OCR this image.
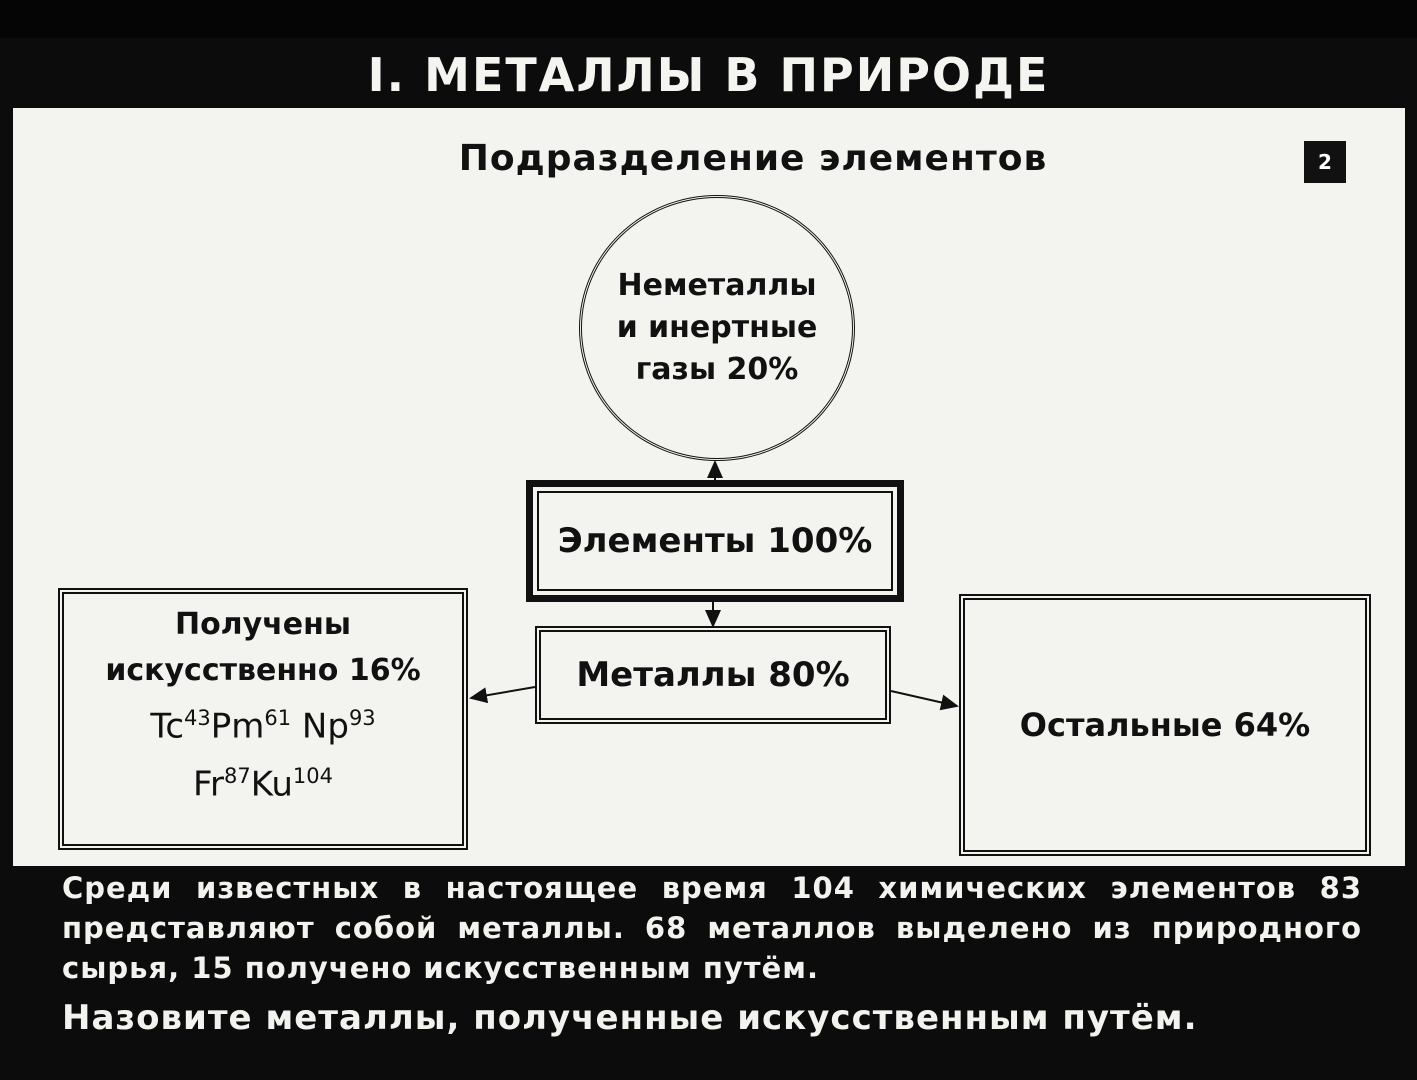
I. МЕТАЛЛЫ В ПРИРОДЕ
Подразделение элементов	2
Неметаллы
и инертные
газы 20%
Элементы 100%
Металлы 80%
Получены
искусственно 16%
Tc$^{43}$Pm$^{61}$ Np$^{93}$
Fr$^{87}$Ku$^{104}$
Остальные 64%
Среди известных в настоящее время 104 химических элементов 83 представляют собой металлы. 68 металлов выделено из природного сырья, 15 получено искусственным путём.
Назовите металлы, полученные искусственным путём.
